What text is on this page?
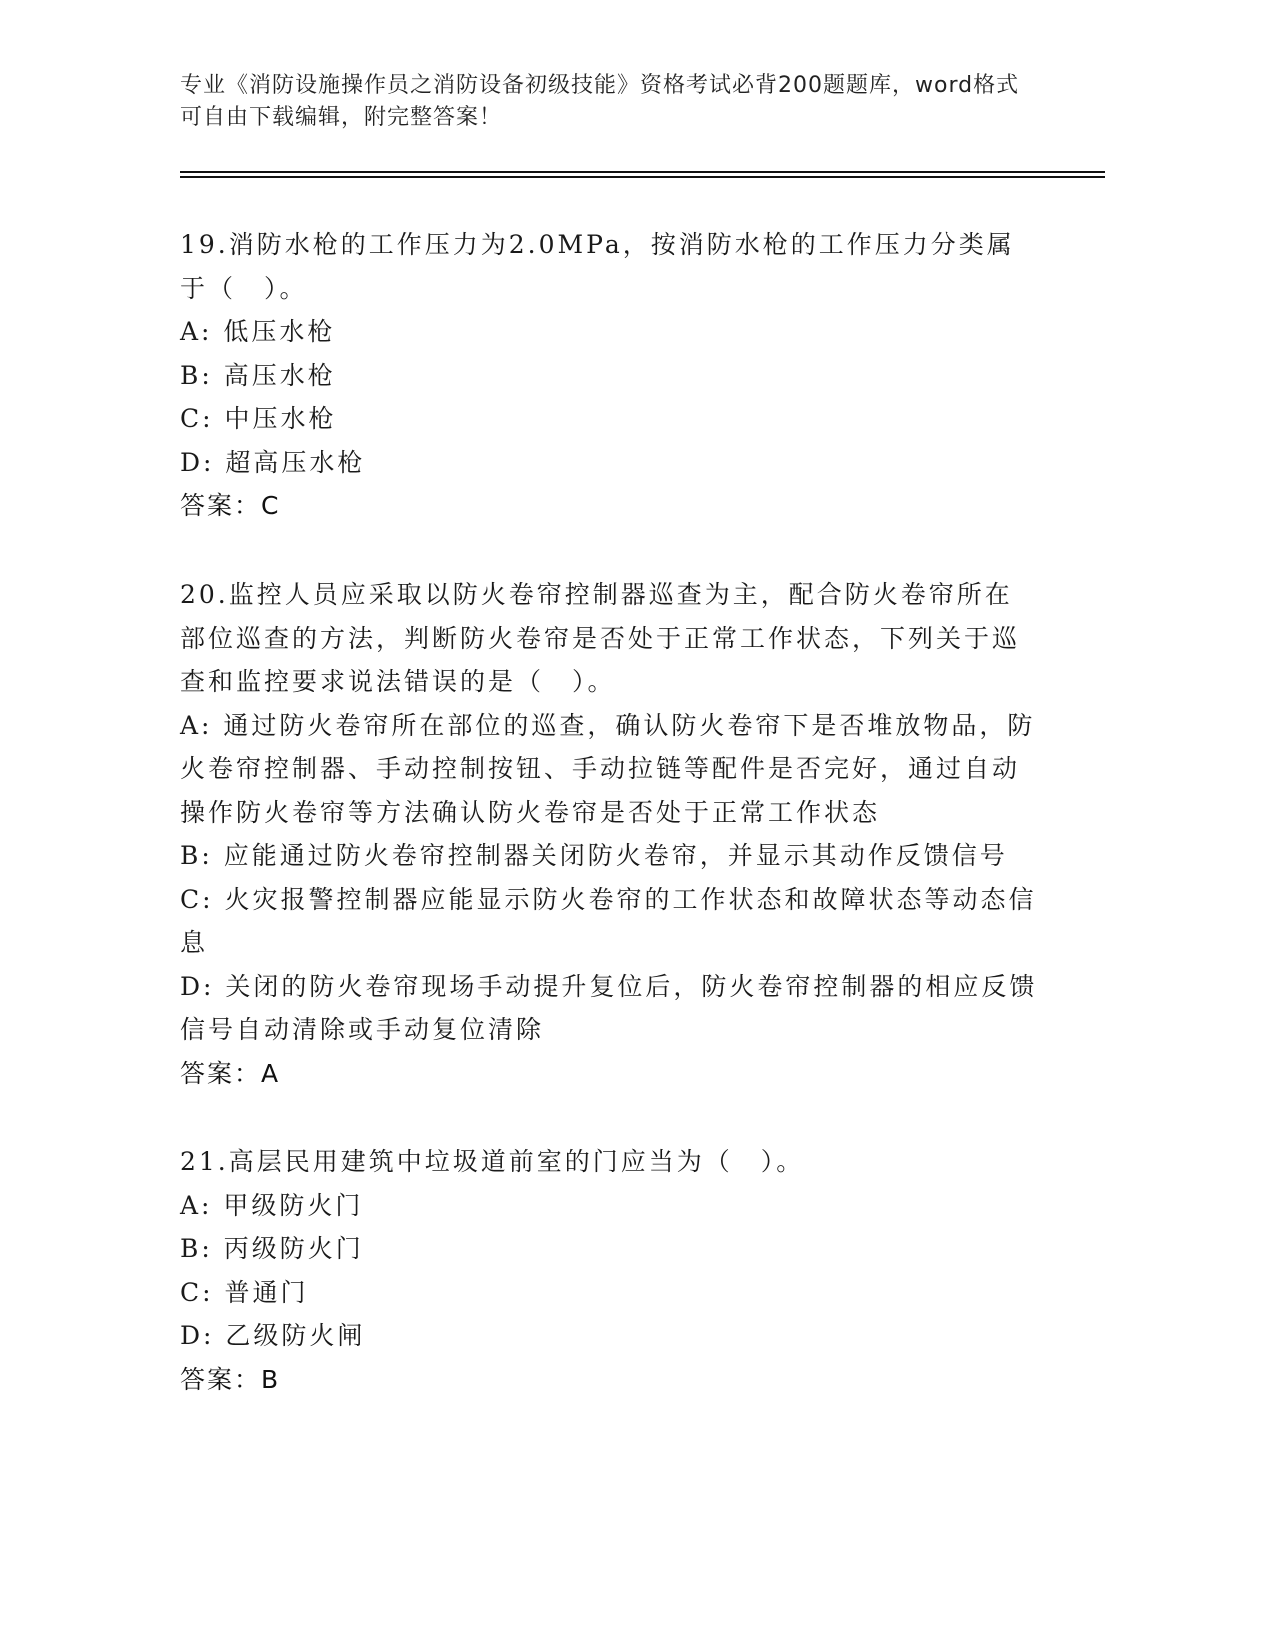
专业《消防设施操作员之消防设备初级技能》资格考试必背200题题库，word格式可自由下载编辑，附完整答案！

19.消防水枪的工作压力为2.0MPa，按消防水枪的工作压力分类属于（　）。

A: 低压水枪

B: 高压水枪

C: 中压水枪

D: 超高压水枪

答案：C

20.监控人员应采取以防火卷帘控制器巡查为主，配合防火卷帘所在部位巡查的方法，判断防火卷帘是否处于正常工作状态，下列关于巡查和监控要求说法错误的是（　）。

A: 通过防火卷帘所在部位的巡查，确认防火卷帘下是否堆放物品，防火卷帘控制器、手动控制按钮、手动拉链等配件是否完好，通过自动操作防火卷帘等方法确认防火卷帘是否处于正常工作状态

B: 应能通过防火卷帘控制器关闭防火卷帘，并显示其动作反馈信号

C: 火灾报警控制器应能显示防火卷帘的工作状态和故障状态等动态信息

D: 关闭的防火卷帘现场手动提升复位后，防火卷帘控制器的相应反馈信号自动清除或手动复位清除

答案：A

21.高层民用建筑中垃圾道前室的门应当为（　）。

A: 甲级防火门

B: 丙级防火门

C: 普通门

D: 乙级防火闸

答案：B
